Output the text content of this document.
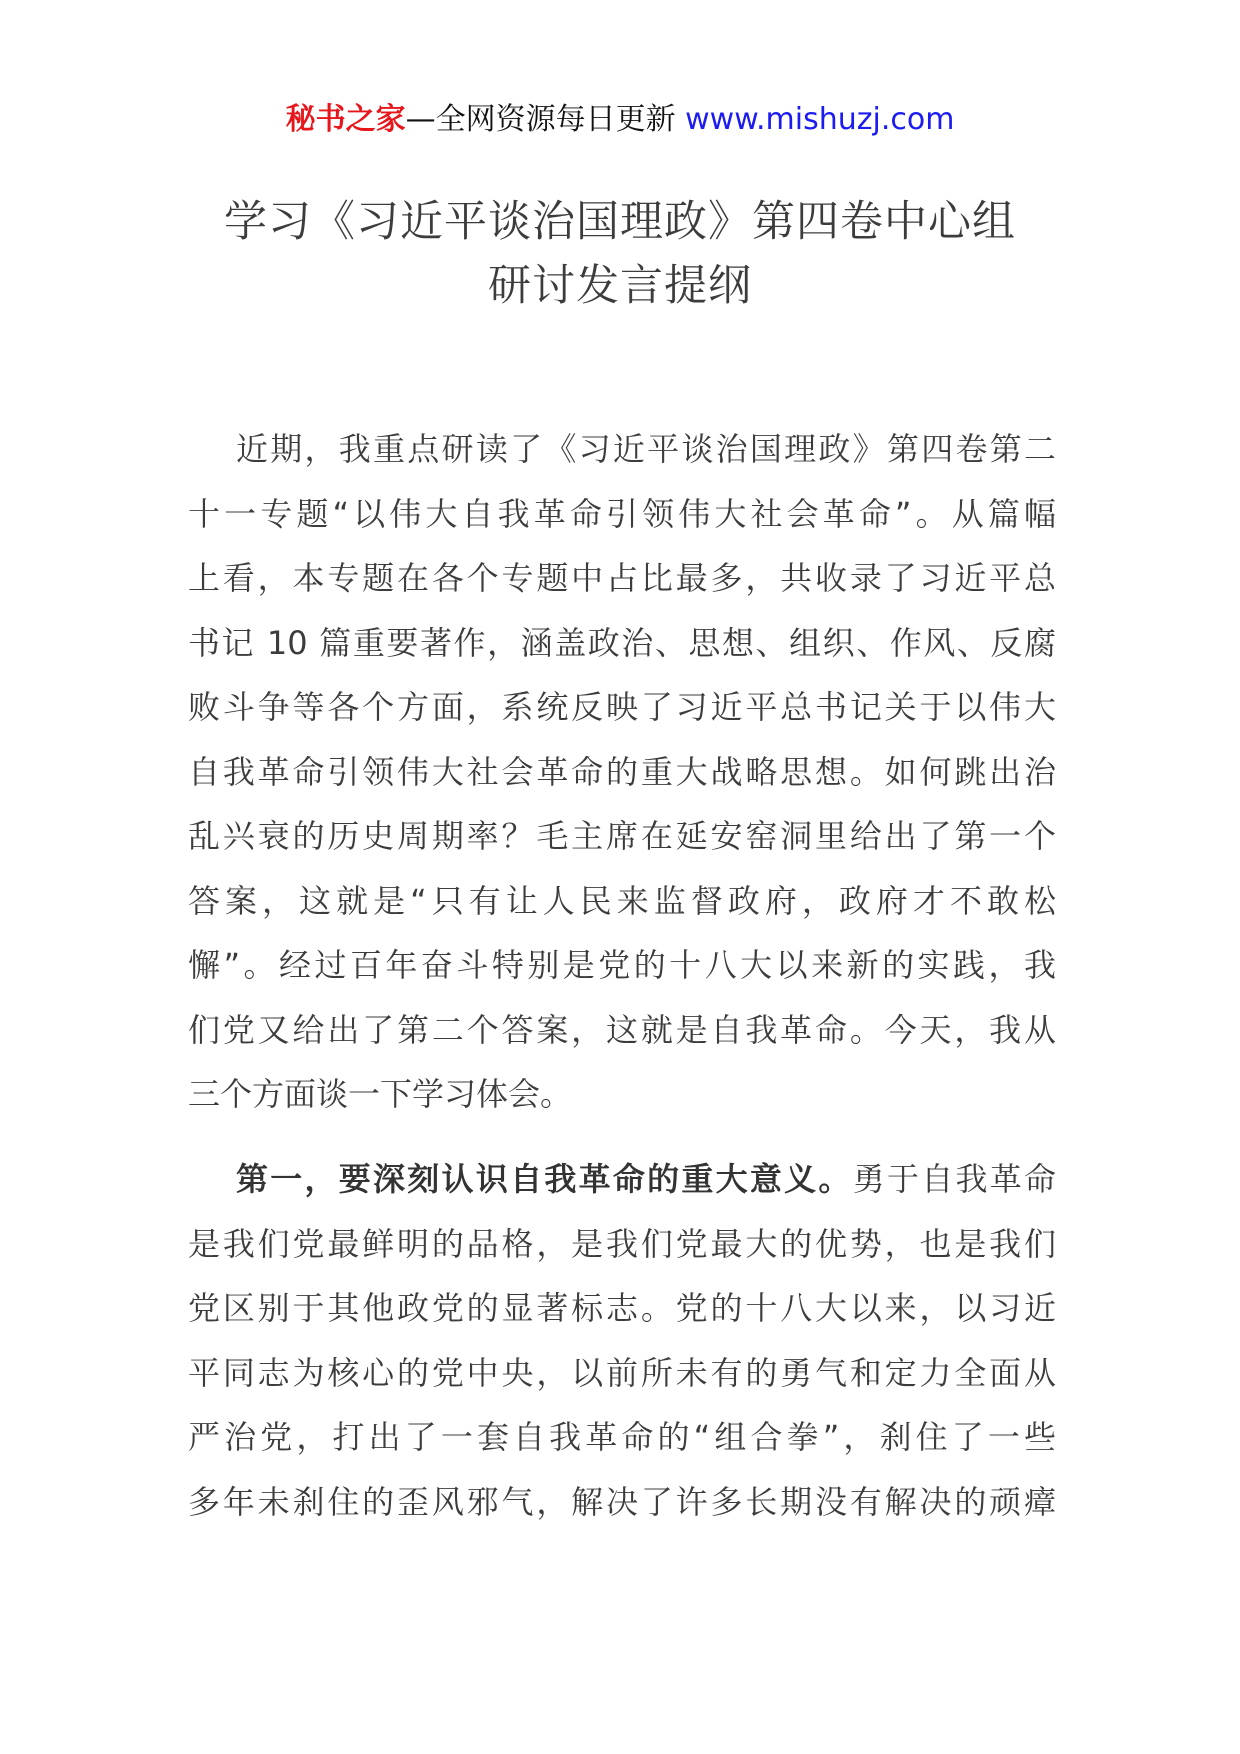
秘书之家—全网资源每日更新 www.mishuzj.com
学习《习近平谈治国理政》第四卷中心组
研讨发言提纲
近期，我重点研读了《习近平谈治国理政》第四卷第二
十一专题“以伟大自我革命引领伟大社会革命”。从篇幅
上看，本专题在各个专题中占比最多，共收录了习近平总
书记 10 篇重要著作，涵盖政治、思想、组织、作风、反腐
败斗争等各个方面，系统反映了习近平总书记关于以伟大
自我革命引领伟大社会革命的重大战略思想。如何跳出治
乱兴衰的历史周期率？毛主席在延安窑洞里给出了第一个
答案，这就是“只有让人民来监督政府，政府才不敢松
懈”。经过百年奋斗特别是党的十八大以来新的实践，我
们党又给出了第二个答案，这就是自我革命。今天，我从
三个方面谈一下学习体会。
第一，要深刻认识自我革命的重大意义。勇于自我革命
是我们党最鲜明的品格，是我们党最大的优势，也是我们
党区别于其他政党的显著标志。党的十八大以来，以习近
平同志为核心的党中央，以前所未有的勇气和定力全面从
严治党，打出了一套自我革命的“组合拳”，刹住了一些
多年未刹住的歪风邪气，解决了许多长期没有解决的顽瘴
